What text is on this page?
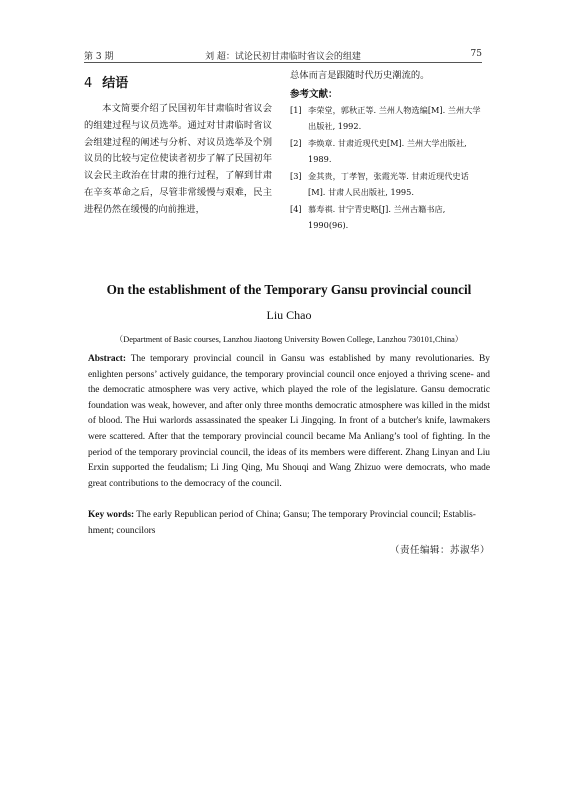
第 3 期	刘 超：试论民初甘肃临时省议会的组建	75
4 结语
本文简要介绍了民国初年甘肃临时省议会的组建过程与议员选举。通过对甘肃临时省议会组建过程的阐述与分析、对议员选举及个别议员的比较与定位使读者初步了解了民国初年议会民主政治在甘肃的推行过程，了解到甘肃在辛亥革命之后，尽管非常缓慢与艰难，民主进程仍然在缓慢的向前推进，
总体而言是跟随时代历史潮流的。
参考文献：
[1] 李荣堂，郭秋正等. 兰州人物选编[M]. 兰州大学出版社, 1992.
[2] 李焕章. 甘肃近现代史[M]. 兰州大学出版社, 1989.
[3] 金其贵，丁孝智，张霞光等. 甘肃近现代史话[M]. 甘肃人民出版社, 1995.
[4] 慕寿祺. 甘宁青史略[J]. 兰州古籍书店, 1990(96).
On the establishment of the Temporary Gansu provincial council
Liu Chao
（Department of Basic courses, Lanzhou Jiaotong University Bowen College, Lanzhou 730101,China）
Abstract: The temporary provincial council in Gansu was established by many revolutionaries. By enlighten persons’ actively guidance, the temporary provincial council once enjoyed a thriving scene- and the democratic atmosphere was very active, which played the role of the legislature. Gansu democratic foundation was weak, however, and after only three months democratic atmosphere was killed in the midst of blood. The Hui warlords assassinated the speaker Li Jingqing. In front of a butcher's knife, lawmakers were scattered. After that the temporary provincial council became Ma Anliang’s tool of fighting. In the period of the temporary provincial council, the ideas of its members were different. Zhang Linyan and Liu Erxin supported the feudalism; Li Jing Qing, Mu Shouqi and Wang Zhizuo were democrats, who made great contributions to the democracy of the council.
Key words: The early Republican period of China; Gansu; The temporary Provincial council; Establis- hment; councilors
（责任编辑：苏淑华）
